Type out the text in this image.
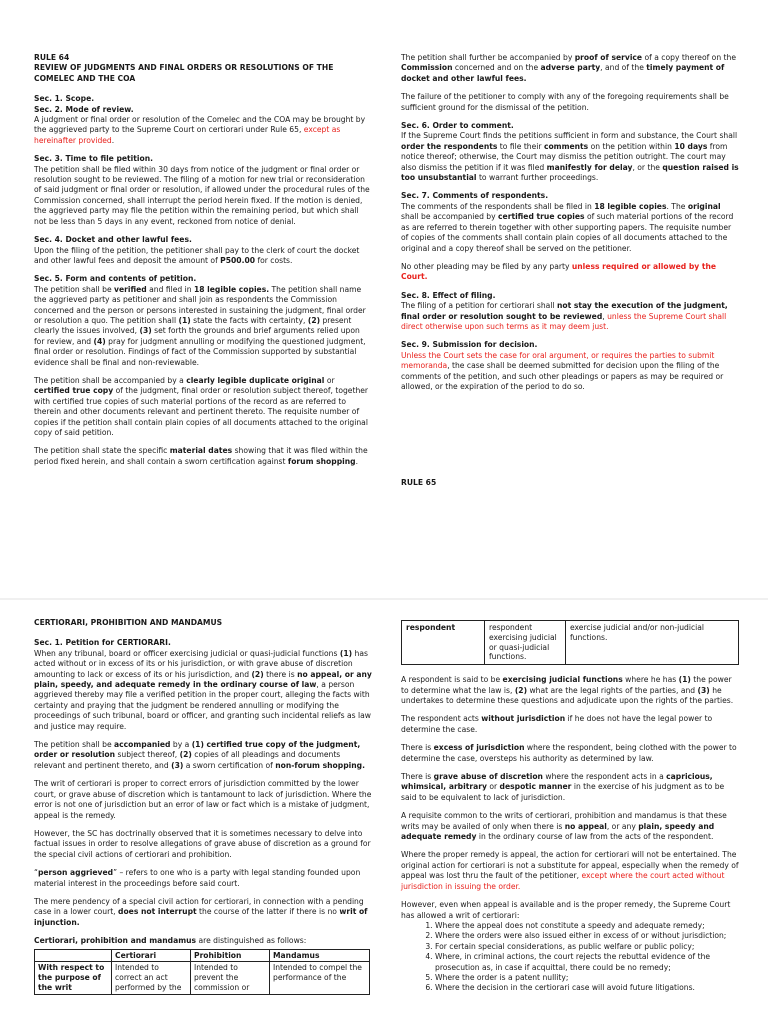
RULE 64
REVIEW OF JUDGMENTS AND FINAL ORDERS OR RESOLUTIONS OF THE COMELEC AND THE COA
Sec. 1. Scope.
Sec. 2. Mode of review.

A judgment or final order or resolution of the Comelec and the COA may be brought by the aggrieved party to the Supreme Court on certiorari under Rule 65, except as hereinafter provided.

Sec. 3. Time to file petition.

The petition shall be filed within 30 days from notice of the judgment or final order or resolution sought to be reviewed. The filing of a motion for new trial or reconsideration of said judgment or final order or resolution, if allowed under the procedural rules of the Commission concerned, shall interrupt the period herein fixed. If the motion is denied, the aggrieved party may file the petition within the remaining period, but which shall not be less than 5 days in any event, reckoned from notice of denial.

Sec. 4. Docket and other lawful fees.

Upon the filing of the petition, the petitioner shall pay to the clerk of court the docket and other lawful fees and deposit the amount of P500.00 for costs.

Sec. 5. Form and contents of petition.

The petition shall be verified and filed in 18 legible copies. The petition shall name the aggrieved party as petitioner and shall join as respondents the Commission concerned and the person or persons interested in sustaining the judgment, final order or resolution a quo. The petition shall (1) state the facts with certainty, (2) present clearly the issues involved, (3) set forth the grounds and brief arguments relied upon for review, and (4) pray for judgment annulling or modifying the questioned judgment, final order or resolution. Findings of fact of the Commission supported by substantial evidence shall be final and non-reviewable.

The petition shall be accompanied by a clearly legible duplicate original or certified true copy of the judgment, final order or resolution subject thereof, together with certified true copies of such material portions of the record as are referred to therein and other documents relevant and pertinent thereto. The requisite number of copies if the petition shall contain plain copies of all documents attached to the original copy of said petition.

The petition shall state the specific material dates showing that it was filed within the period fixed herein, and shall contain a sworn certification against forum shopping.

The petition shall further be accompanied by proof of service of a copy thereof on the Commission concerned and on the adverse party, and of the timely payment of docket and other lawful fees.

The failure of the petitioner to comply with any of the foregoing requirements shall be sufficient ground for the dismissal of the petition.

Sec. 6. Order to comment.

If the Supreme Court finds the petitions sufficient in form and substance, the Court shall order the respondents to file their comments on the petition within 10 days from notice thereof; otherwise, the Court may dismiss the petition outright. The court may also dismiss the petition if it was filed manifestly for delay, or the question raised is too unsubstantial to warrant further proceedings.

Sec. 7. Comments of respondents.

The comments of the respondents shall be filed in 18 legible copies. The original shall be accompanied by certified true copies of such material portions of the record as are referred to therein together with other supporting papers. The requisite number of copies of the comments shall contain plain copies of all documents attached to the original and a copy thereof shall be served on the petitioner.

No other pleading may be filed by any party unless required or allowed by the Court.

Sec. 8. Effect of filing.

The filing of a petition for certiorari shall not stay the execution of the judgment, final order or resolution sought to be reviewed, unless the Supreme Court shall direct otherwise upon such terms as it may deem just.

Sec. 9. Submission for decision.

Unless the Court sets the case for oral argument, or requires the parties to submit memoranda, the case shall be deemed submitted for decision upon the filing of the comments of the petition, and such other pleadings or papers as may be required or allowed, or the expiration of the period to do so.

RULE 65
CERTIORARI, PROHIBITION AND MANDAMUS
Sec. 1. Petition for CERTIORARI.

When any tribunal, board or officer exercising judicial or quasi-judicial functions (1) has acted without or in excess of its or his jurisdiction, or with grave abuse of discretion amounting to lack or excess of its or his jurisdiction, and (2) there is no appeal, or any plain, speedy, and adequate remedy in the ordinary course of law, a person aggrieved thereby may file a verified petition in the proper court, alleging the facts with certainty and praying that the judgment be rendered annulling or modifying the proceedings of such tribunal, board or officer, and granting such incidental reliefs as law and justice may require.

The petition shall be accompanied by a (1) certified true copy of the judgment, order or resolution subject thereof, (2) copies of all pleadings and documents relevant and pertinent thereto, and (3) a sworn certification of non-forum shopping.

The writ of certiorari is proper to correct errors of jurisdiction committed by the lower court, or grave abuse of discretion which is tantamount to lack of jurisdiction. Where the error is not one of jurisdiction but an error of law or fact which is a mistake of judgment, appeal is the remedy.

However, the SC has doctrinally observed that it is sometimes necessary to delve into factual issues in order to resolve allegations of grave abuse of discretion as a ground for the special civil actions of certiorari and prohibition.

“person aggrieved” – refers to one who is a party with legal standing founded upon material interest in the proceedings before said court.

The mere pendency of a special civil action for certiorari, in connection with a pending case in a lower court, does not interrupt the course of the latter if there is no writ of injunction.

Certiorari, prohibition and mandamus are distinguished as follows:

	Certiorari	Prohibition	Mandamus
With respect to the purpose of the writ	Intended to correct an act performed by the	Intended to prevent the commission or	Intended to compel the performance of the
respondent	respondent exercising judicial or quasi-judicial functions.	exercise judicial and/or non-judicial functions.

A respondent is said to be exercising judicial functions where he has (1) the power to determine what the law is, (2) what are the legal rights of the parties, and (3) he undertakes to determine these questions and adjudicate upon the rights of the parties.

The respondent acts without jurisdiction if he does not have the legal power to determine the case.

There is excess of jurisdiction where the respondent, being clothed with the power to determine the case, oversteps his authority as determined by law.

There is grave abuse of discretion where the respondent acts in a capricious, whimsical, arbitrary or despotic manner in the exercise of his judgment as to be said to be equivalent to lack of jurisdiction.

A requisite common to the writs of certiorari, prohibition and mandamus is that these writs may be availed of only when there is no appeal, or any plain, speedy and adequate remedy in the ordinary course of law from the acts of the respondent.

Where the proper remedy is appeal, the action for certiorari will not be entertained. The original action for certiorari is not a substitute for appeal, especially when the remedy of appeal was lost thru the fault of the petitioner, except where the court acted without jurisdiction in issuing the order.

However, even when appeal is available and is the proper remedy, the Supreme Court has allowed a writ of certiorari:

1. Where the appeal does not constitute a speedy and adequate remedy;
2. Where the orders were also issued either in excess of or without jurisdiction;
3. For certain special considerations, as public welfare or public policy;
4. Where, in criminal actions, the court rejects the rebuttal evidence of the prosecution as, in case if acquittal, there could be no remedy;
5. Where the order is a patent nullity;
6. Where the decision in the certiorari case will avoid future litigations.
